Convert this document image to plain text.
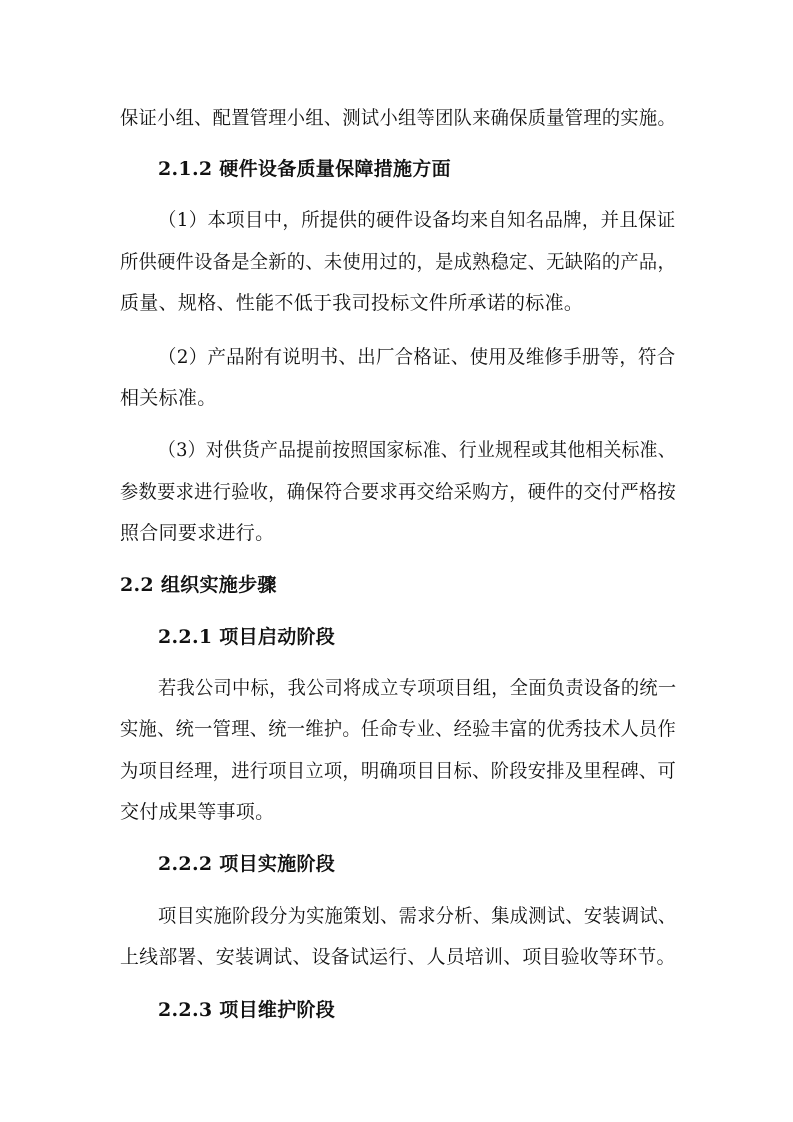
保证小组、配置管理小组、测试小组等团队来确保质量管理的实施。
2.1.2 硬件设备质量保障措施方面
（1）本项目中，所提供的硬件设备均来自知名品牌，并且保证
所供硬件设备是全新的、未使用过的，是成熟稳定、无缺陷的产品，
质量、规格、性能不低于我司投标文件所承诺的标准。
（2）产品附有说明书、出厂合格证、使用及维修手册等，符合
相关标准。
（3）对供货产品提前按照国家标准、行业规程或其他相关标准、
参数要求进行验收，确保符合要求再交给采购方，硬件的交付严格按
照合同要求进行。
2.2 组织实施步骤
2.2.1 项目启动阶段
若我公司中标，我公司将成立专项项目组，全面负责设备的统一
实施、统一管理、统一维护。任命专业、经验丰富的优秀技术人员作
为项目经理，进行项目立项，明确项目目标、阶段安排及里程碑、可
交付成果等事项。
2.2.2 项目实施阶段
项目实施阶段分为实施策划、需求分析、集成测试、安装调试、
上线部署、安装调试、设备试运行、人员培训、项目验收等环节。
2.2.3 项目维护阶段
